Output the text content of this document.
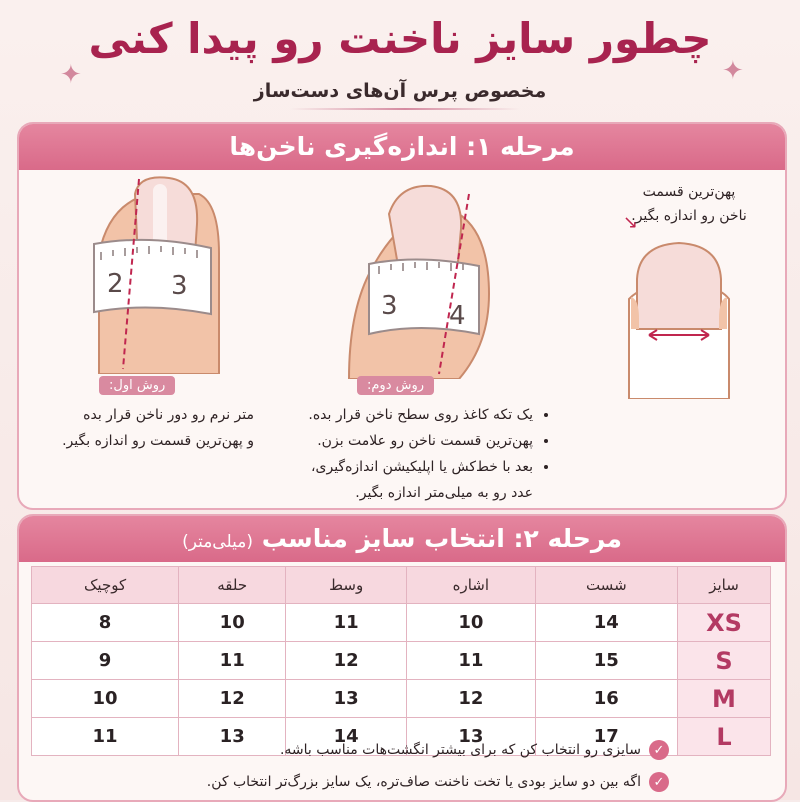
✦	✦
چطور سایز ناخنت رو پیدا کنی
مخصوص پرس آن‌های دست‌ساز
مرحله ۱: اندازه‌گیری ناخن‌ها
2 3
3 4
↘
پهن‌ترین قسمت
ناخن رو اندازه بگیر.
روش اول:	روش دوم:
متر نرم رو دور ناخن قرار بده
و پهن‌ترین قسمت رو اندازه بگیر.
• یک تکه کاغذ روی سطح ناخن قرار بده.
• پهن‌ترین قسمت ناخن رو علامت بزن.
• بعد با خط‌کش یا اپلیکیشن اندازه‌گیری،
عدد رو به میلی‌متر اندازه بگیر.
مرحله ۲: انتخاب سایز مناسب (میلی‌متر)
سایز	شست	اشاره	وسط	حلقه	کوچیک
XS	14	10	11	10	8
S	15	11	12	11	9
M	16	12	13	12	10
L	17	13	14	13	11
✓
سایزی رو انتخاب کن که برای بیشتر انگشت‌هات مناسب باشه.
✓
اگه بین دو سایز بودی یا تخت ناخنت صاف‌تره، یک سایز بزرگ‌تر انتخاب کن.
